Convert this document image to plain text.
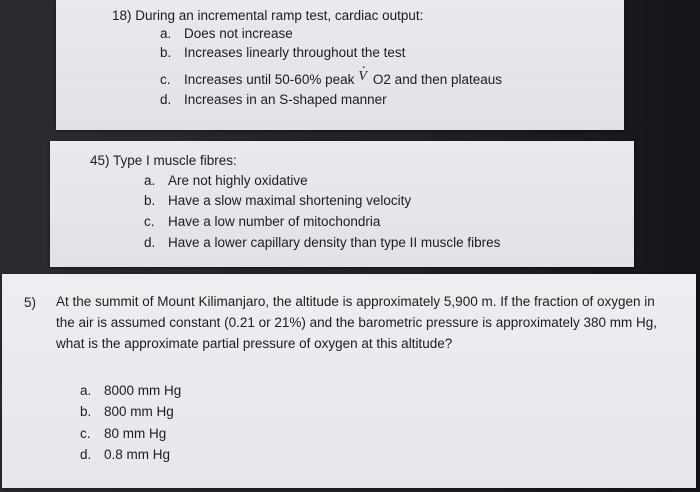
18) During an incremental ramp test, cardiac output:
a. Does not increase
b. Increases linearly throughout the test
c. Increases until 50-60% peak· V O2 and then plateaus
d. Increases in an S-shaped manner
45) Type I muscle fibres:
a. Are not highly oxidative
b. Have a slow maximal shortening velocity
c. Have a low number of mitochondria
d. Have a lower capillary density than type II muscle fibres
5) At the summit of Mount Kilimanjaro, the altitude is approximately 5,900 m. If the fraction of oxygen in the air is assumed constant (0.21 or 21%) and the barometric pressure is approximately 380 mm Hg, what is the approximate partial pressure of oxygen at this altitude?
a. 8000 mm Hg
b. 800 mm Hg
c. 80 mm Hg
d. 0.8 mm Hg
